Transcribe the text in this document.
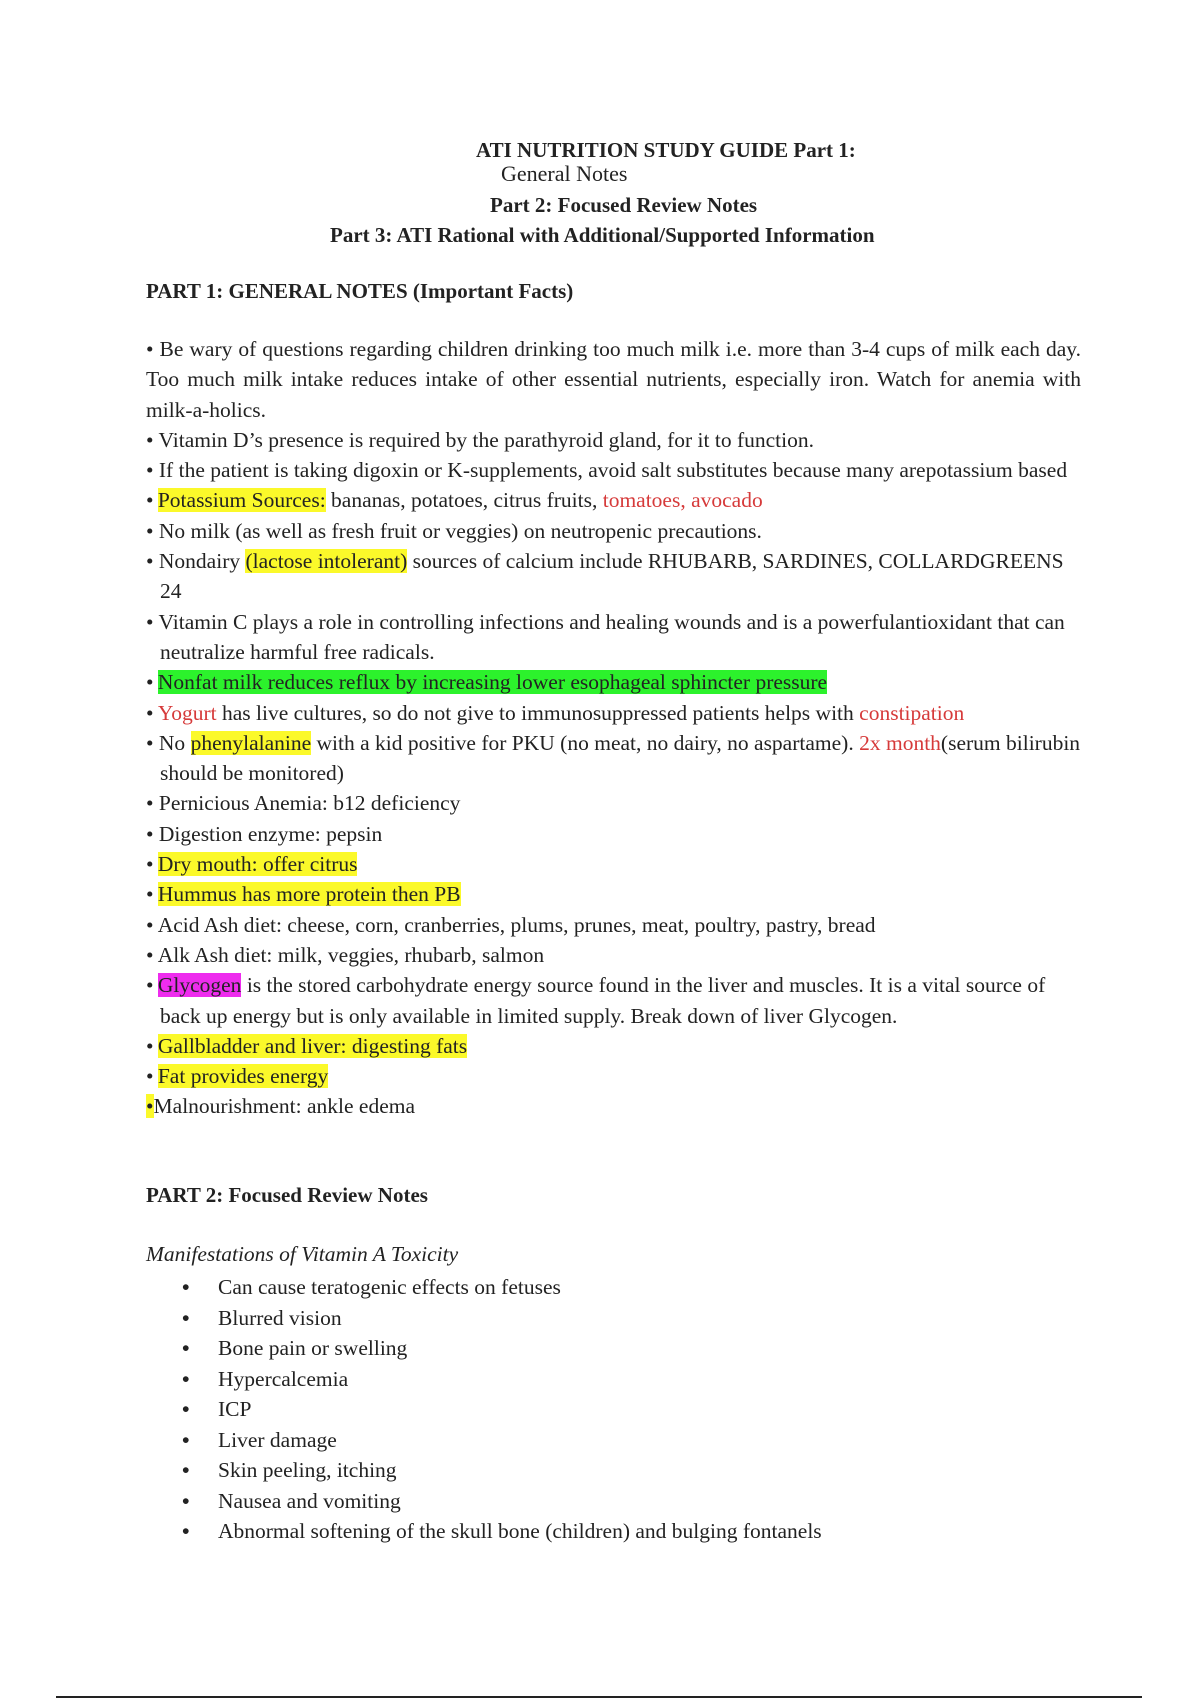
ATI NUTRITION STUDY GUIDE Part 1:
General Notes
Part 2: Focused Review Notes
Part 3: ATI Rational with Additional/Supported Information
PART 1: GENERAL NOTES (Important Facts)

• Be wary of questions regarding children drinking too much milk i.e. more than 3-4 cups of milk each day. Too much milk intake reduces intake of other essential nutrients, especially iron. Watch for anemia with milk-a-holics.

• Vitamin D’s presence is required by the parathyroid gland, for it to function.

• If the patient is taking digoxin or K-supplements, avoid salt substitutes because many arepotassium based

• Potassium Sources: bananas, potatoes, citrus fruits, tomatoes, avocado

• No milk (as well as fresh fruit or veggies) on neutropenic precautions.

• Nondairy (lactose intolerant) sources of calcium include RHUBARB, SARDINES, COLLARDGREENS 24

• Vitamin C plays a role in controlling infections and healing wounds and is a powerfulantioxidant that can neutralize harmful free radicals.

• Nonfat milk reduces reflux by increasing lower esophageal sphincter pressure

• Yogurt has live cultures, so do not give to immunosuppressed patients helps with constipation

• No phenylalanine with a kid positive for PKU (no meat, no dairy, no aspartame). 2x month(serum bilirubin should be monitored)

• Pernicious Anemia: b12 deficiency

• Digestion enzyme: pepsin

• Dry mouth: offer citrus

• Hummus has more protein then PB

• Acid Ash diet: cheese, corn, cranberries, plums, prunes, meat, poultry, pastry, bread

• Alk Ash diet: milk, veggies, rhubarb, salmon

• Glycogen is the stored carbohydrate energy source found in the liver and muscles. It is a vital source of back up energy but is only available in limited supply. Break down of liver Glycogen.

• Gallbladder and liver: digesting fats

• Fat provides energy

•Malnourishment: ankle edema

PART 2: Focused Review Notes
Manifestations of Vitamin A Toxicity
•	Can cause teratogenic effects on fetuses
•	Blurred vision
•	Bone pain or swelling
•	Hypercalcemia
•	ICP
•	Liver damage
•	Skin peeling, itching
•	Nausea and vomiting
•	Abnormal softening of the skull bone (children) and bulging fontanels
